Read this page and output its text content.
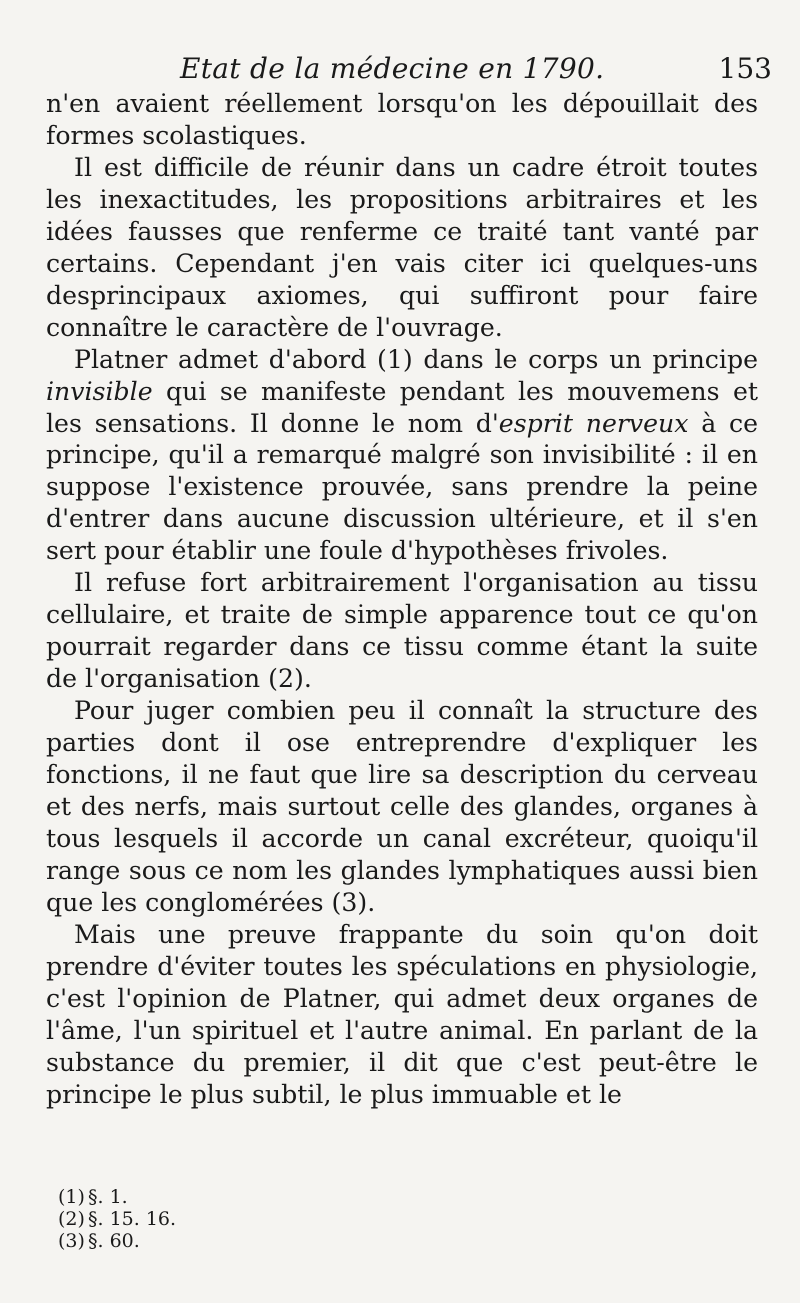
Etat de la médecine en 1790.	153

n'en avaient réellement lorsqu'on les dépouillait des formes scolastiques.

Il est difficile de réunir dans un cadre étroit toutes les inexactitudes, les propositions arbitraires et les idées fausses que renferme ce traité tant vanté par certains. Cependant j'en vais citer ici quelques-uns desprincipaux axiomes, qui suffiront pour faire connaître le caractère de l'ouvrage.

Platner admet d'abord (1) dans le corps un principe invisible qui se manifeste pendant les mouvemens et les sensations. Il donne le nom d'esprit nerveux à ce principe, qu'il a remarqué malgré son invisibilité : il en suppose l'existence prouvée, sans prendre la peine d'entrer dans aucune discussion ultérieure, et il s'en sert pour établir une foule d'hypothèses frivoles.

Il refuse fort arbitrairement l'organisation au tissu cellulaire, et traite de simple apparence tout ce qu'on pourrait regarder dans ce tissu comme étant la suite de l'organisation (2).

Pour juger combien peu il connaît la structure des parties dont il ose entreprendre d'expliquer les fonctions, il ne faut que lire sa description du cerveau et des nerfs, mais surtout celle des glandes, organes à tous lesquels il accorde un canal excréteur, quoiqu'il range sous ce nom les glandes lymphatiques aussi bien que les conglomérées (3).

Mais une preuve frappante du soin qu'on doit prendre d'éviter toutes les spéculations en physiologie, c'est l'opinion de Platner, qui admet deux organes de l'âme, l'un spirituel et l'autre animal. En parlant de la substance du premier, il dit que c'est peut-être le principe le plus subtil, le plus immuable et le

(1) §. 1.
(2) §. 15. 16.
(3) §. 60.
